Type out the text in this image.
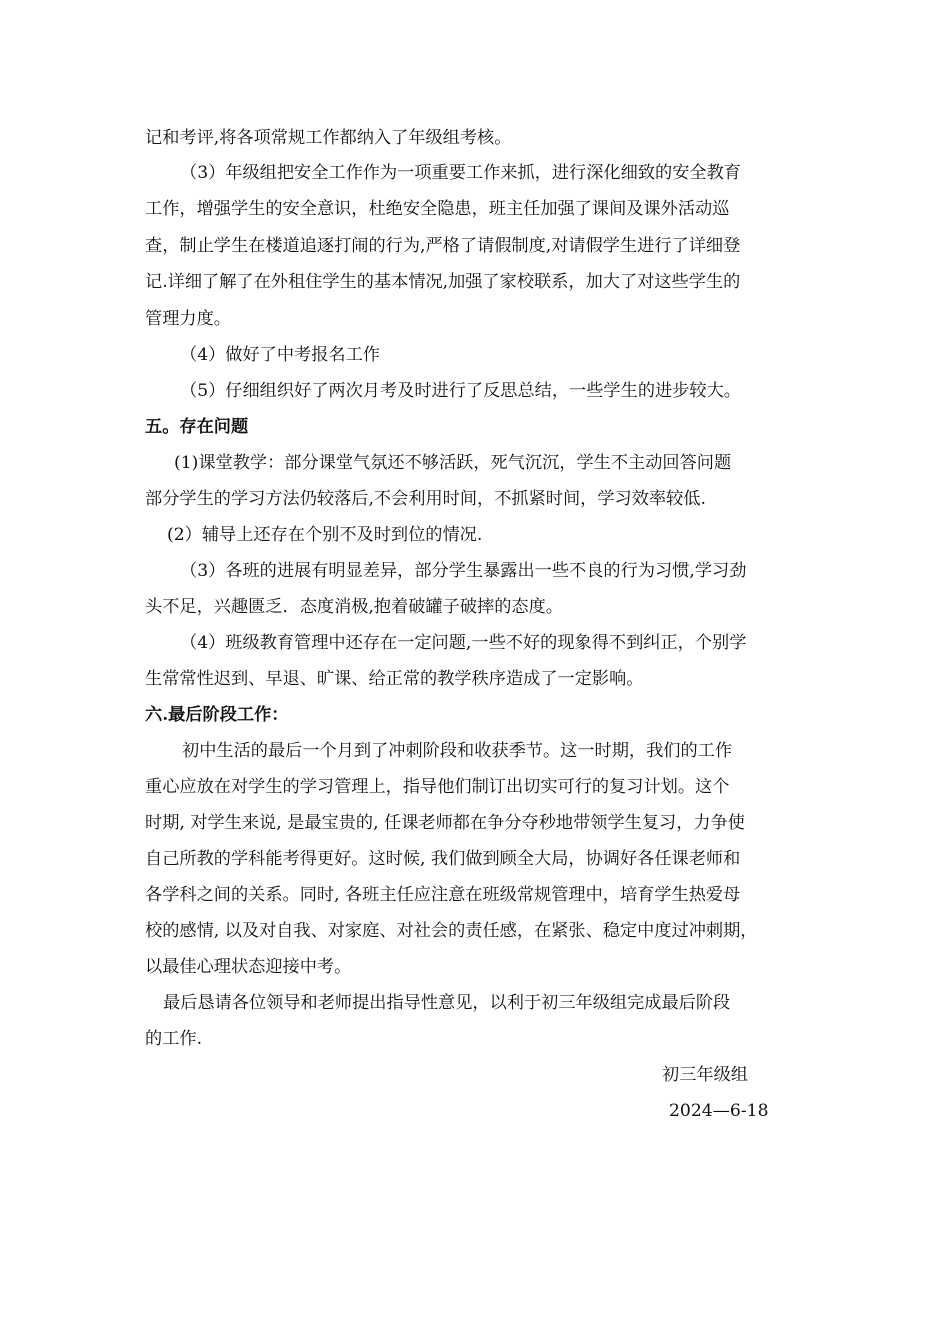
记和考评,将各项常规工作都纳入了年级组考核。
（3）年级组把安全工作作为一项重要工作来抓，进行深化细致的安全教育
工作，增强学生的安全意识，杜绝安全隐患，班主任加强了课间及课外活动巡
查，制止学生在楼道追逐打闹的行为,严格了请假制度,对请假学生进行了详细登
记.详细了解了在外租住学生的基本情况,加强了家校联系，加大了对这些学生的
管理力度。
（4）做好了中考报名工作
（5）仔细组织好了两次月考及时进行了反思总结，一些学生的进步较大。
五。存在问题
(1)课堂教学：部分课堂气氛还不够活跃，死气沉沉，学生不主动回答问题
部分学生的学习方法仍较落后,不会利用时间，不抓紧时间，学习效率较低.
(2）辅导上还存在个别不及时到位的情况.
（3）各班的进展有明显差异，部分学生暴露出一些不良的行为习惯,学习劲
头不足，兴趣匮乏．态度消极,抱着破罐子破摔的态度。
（4）班级教育管理中还存在一定问题,一些不好的现象得不到纠正，个别学
生常常性迟到、早退、旷课、给正常的教学秩序造成了一定影响。
六.最后阶段工作：
初中生活的最后一个月到了冲刺阶段和收获季节。这一时期，我们的工作
重心应放在对学生的学习管理上，指导他们制订出切实可行的复习计划。这个
时期, 对学生来说, 是最宝贵的, 任课老师都在争分夺秒地带领学生复习，力争使
自己所教的学科能考得更好。这时候, 我们做到顾全大局，协调好各任课老师和
各学科之间的关系。同时, 各班主任应注意在班级常规管理中，培育学生热爱母
校的感情, 以及对自我、对家庭、对社会的责任感，在紧张、稳定中度过冲刺期，
以最佳心理状态迎接中考。
最后恳请各位领导和老师提出指导性意见，以利于初三年级组完成最后阶段
的工作.
初三年级组
2024—6-18
